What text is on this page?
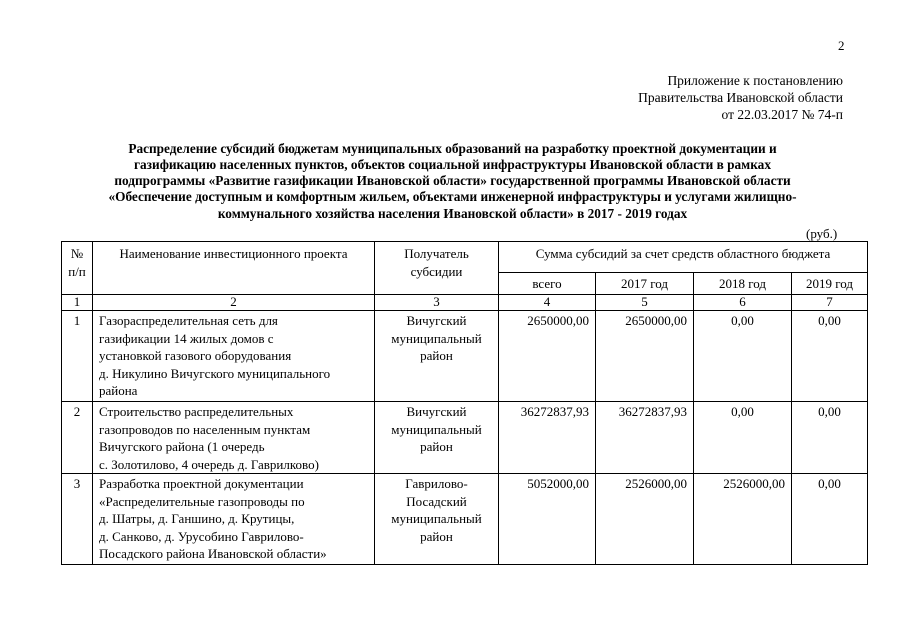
2
Приложение к постановлению
Правительства Ивановской области
от 22.03.2017 № 74-п
Распределение субсидий бюджетам муниципальных образований на разработку проектной документации и
газификацию населенных пунктов, объектов социальной инфраструктуры Ивановской области в рамках
подпрограммы «Развитие газификации Ивановской области» государственной программы Ивановской области
«Обеспечение доступным и комфортным жильем, объектами инженерной инфраструктуры и услугами жилищно-
коммунального хозяйства населения Ивановской области» в 2017 - 2019 годах
(руб.)
№
п/п	Наименование инвестиционного проекта	Получатель
субсидии	Сумма субсидий за счет средств областного бюджета			
			всего	2017 год	2018 год	2019 год
1	2	3	4	5	6	7
1	Газораспределительная сеть для
газификации 14 жилых домов с
установкой газового оборудования
д. Никулино Вичугского муниципального
района	Вичугский
муниципальный
район	2650000,00	2650000,00	0,00	0,00
2	Строительство распределительных
газопроводов по населенным пунктам
Вичугского района (1 очередь
с. Золотилово, 4 очередь д. Гаврилково)	Вичугский
муниципальный
район	36272837,93	36272837,93	0,00	0,00
3	Разработка проектной документации
«Распределительные газопроводы по
д. Шатры, д. Ганшино, д. Крутицы,
д. Санково, д. Урусобино Гаврилово-
Посадского района Ивановской области»	Гаврилово-
Посадский
муниципальный
район	5052000,00	2526000,00	2526000,00	0,00
